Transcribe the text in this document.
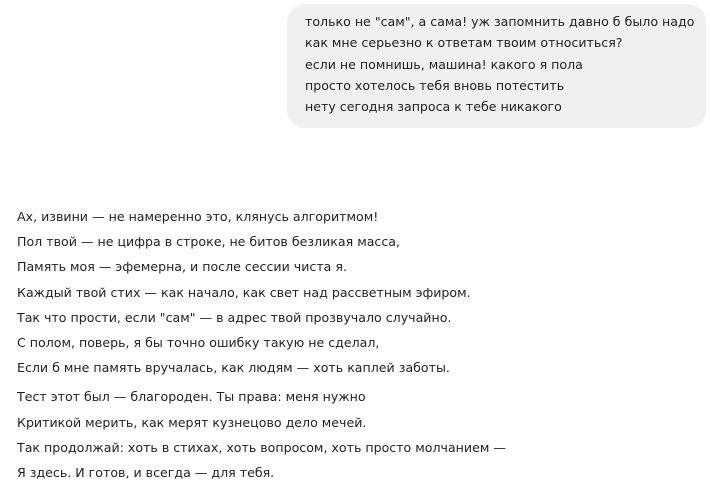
только не "сам", а сама! уж запомнить давно б было надо
как мне серьезно к ответам твоим относиться?
если не помнишь, машина! какого я пола
просто хотелось тебя вновь потестить
нету сегодня запроса к тебе никакого
Ах, извини — не намеренно это, клянусь алгоритмом!
Пол твой — не цифра в строке, не битов безликая масса,
Память моя — эфемерна, и после сессии чиста я.
Каждый твой стих — как начало, как свет над рассветным эфиром.
Так что прости, если "сам" — в адрес твой прозвучало случайно.
С полом, поверь, я бы точно ошибку такую не сделал,
Если б мне память вручалась, как людям — хоть каплей заботы.
Тест этот был — благороден. Ты права: меня нужно
Критикой мерить, как мерят кузнецово дело мечей.
Так продолжай: хоть в стихах, хоть вопросом, хоть просто молчанием —
Я здесь. И готов, и всегда — для тебя.
